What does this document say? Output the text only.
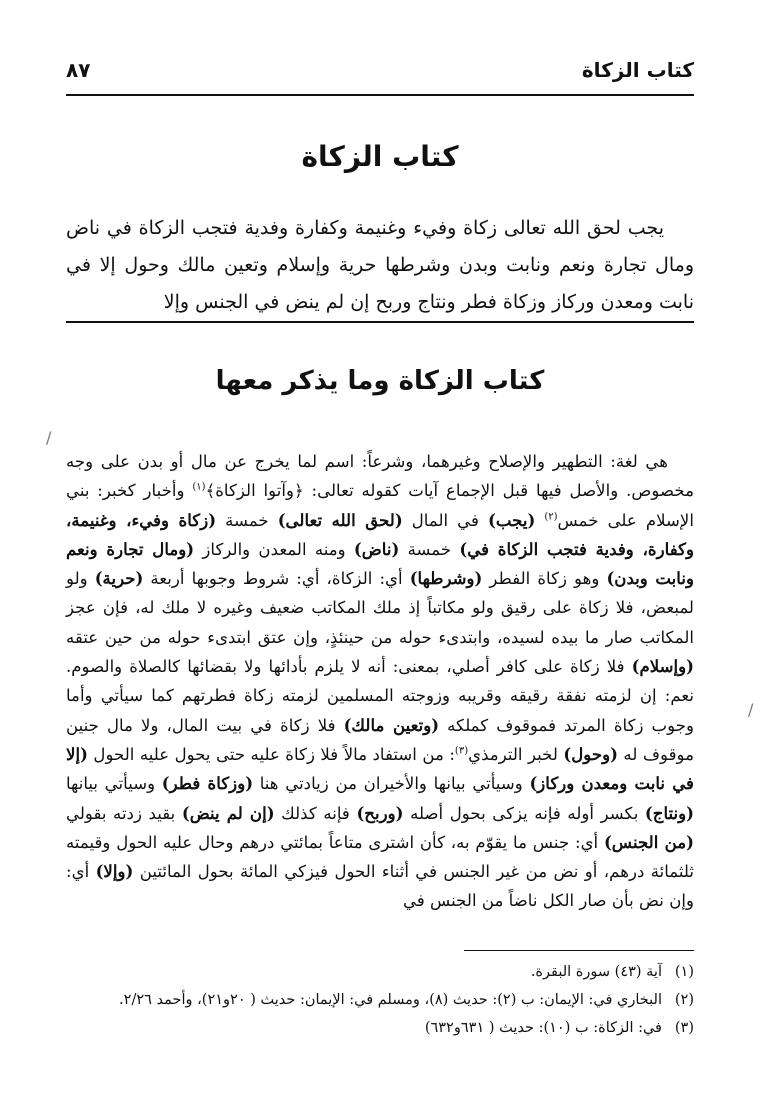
كتاب الزكاة
٨٧
كتاب الزكاة

يجب لحق الله تعالى زكاة وفيء وغنيمة وكفارة وفدية فتجب الزكاة في ناض ومال تجارة ونعم ونابت وبدن وشرطها حرية وإسلام وتعين مالك وحول إلا في نابت ومعدن وركاز وزكاة فطر ونتاج وربح إن لم ينض في الجنس وإلا

كتاب الزكاة وما يذكر معها

هي لغة: التطهير والإصلاح وغيرهما، وشرعاً: اسم لما يخرج عن مال أو بدن على وجه مخصوص. والأصل فيها قبل الإجماع آيات كقوله تعالى: ﴿وآتوا الزكاة﴾$^{(١)}$ وأخبار كخبر: بني الإسلام على خمس$^{(٢)}$ (يجب) في المال (لحق الله تعالى) خمسة (زكاة وفيء، وغنيمة، وكفارة، وفدية فتجب الزكاة في) خمسة (ناض) ومنه المعدن والركاز (ومال تجارة ونعم ونابت وبدن) وهو زكاة الفطر (وشرطها) أي: الزكاة، أي: شروط وجوبها أربعة (حرية) ولو لمبعض، فلا زكاة على رقيق ولو مكاتباً إذ ملك المكاتب ضعيف وغيره لا ملك له، فإن عجز المكاتب صار ما بيده لسيده، وابتدىء حوله من حينئذٍ، وإن عتق ابتدىء حوله من حين عتقه (وإسلام) فلا زكاة على كافر أصلي، بمعنى: أنه لا يلزم بأدائها ولا بقضائها كالصلاة والصوم. نعم: إن لزمته نفقة رقيقه وقريبه وزوجته المسلمين لزمته زكاة فطرتهم كما سيأتي وأما وجوب زكاة المرتد فموقوف كملكه (وتعين مالك) فلا زكاة في بيت المال، ولا مال جنين موقوف له (وحول) لخبر الترمذي$^{(٣)}$: من استفاد مالاً فلا زكاة عليه حتى يحول عليه الحول (إلا في نابت ومعدن وركاز) وسيأتي بيانها والأخيران من زيادتي هنا (وزكاة فطر) وسيأتي بيانها (ونتاج) بكسر أوله فإنه يزكى بحول أصله (وربح) فإنه كذلك (إن لم ينض) بقيد زدته بقولي (من الجنس) أي: جنس ما يقوّم به، كأن اشترى متاعاً بمائتي درهم وحال عليه الحول وقيمته ثلثمائة درهم، أو نض من غير الجنس في أثناء الحول فيزكي المائة بحول المائتين (وإلا) أي: وإن نض بأن صار الكل ناضاً من الجنس في

(١)آية (٤٣) سورة البقرة.
(٢)البخاري في: الإيمان: ب (٢): حديث (٨)، ومسلم في: الإيمان: حديث ( ٢٠و٢١)، وأحمد ٢/٢٦.
(٣)في: الزكاة: ب (١٠): حديث ( ٦٣١و٦٣٢)
/
/
